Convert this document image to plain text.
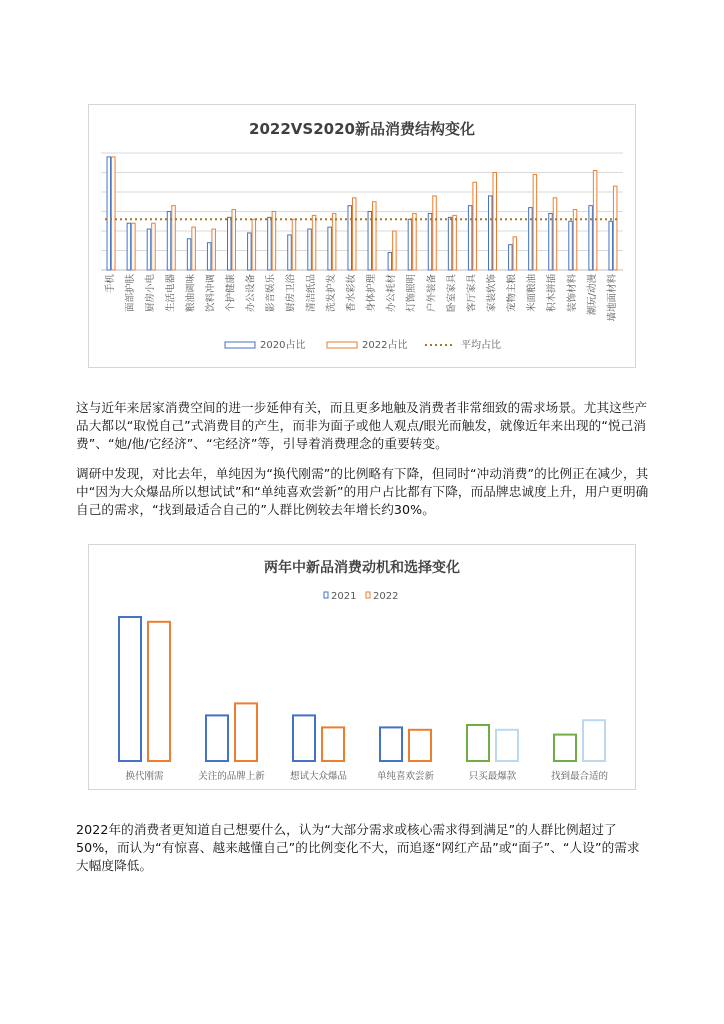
2022VS2020新品消费结构变化
手机 面部护肤 厨房小电 生活电器 粮油调味 饮料冲调 个护健康 办公设备 影音娱乐 厨房卫浴 清洁纸品 洗发护发 香水彩妆 身体护理 办公耗材 灯饰照明 户外装备 卧室家具 客厅家具 家装软饰 宠物主粮 米面粮油 积木拼插 装饰材料 潮玩/动漫 墙地面材料
2020占比	2022占比	平均占比

这与近年来居家消费空间的进一步延伸有关，而且更多地触及消费者非常细致的需求场景。尤其这些产品大都以“取悦自己”式消费目的产生，而非为面子或他人观点/眼光而触发，就像近年来出现的“悦己消费”、“她/他/它经济”、“宅经济”等，引导着消费理念的重要转变。

调研中发现，对比去年，单纯因为“换代刚需”的比例略有下降，但同时“冲动消费”的比例正在减少，其中“因为大众爆品所以想试试”和“单纯喜欢尝新”的用户占比都有下降，而品牌忠诚度上升，用户更明确自己的需求，“找到最适合自己的”人群比例较去年增长约30%。

两年中新品消费动机和选择变化
2021 2022
换代刚需	关注的品牌上新	想试大众爆品	单纯喜欢尝新	只买最爆款	找到最合适的

2022年的消费者更知道自己想要什么，认为“大部分需求或核心需求得到满足”的人群比例超过了50%，而认为“有惊喜、越来越懂自己”的比例变化不大，而追逐“网红产品”或“面子”、“人设”的需求大幅度降低。
